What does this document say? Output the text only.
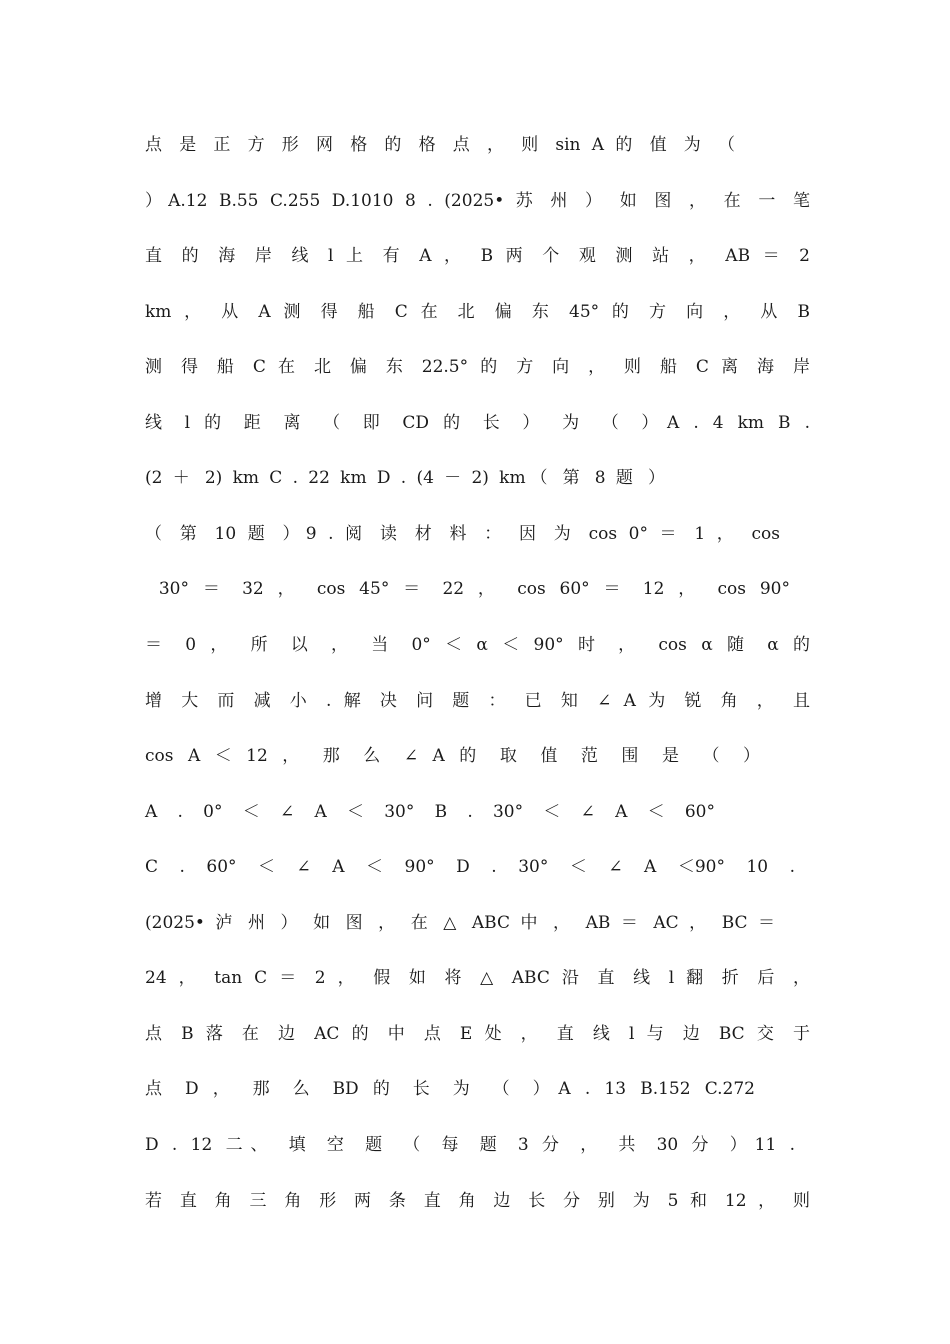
点 是 正 方 形 网 格 的 格 点 ， 则 sin A 的 值 为 （
）A.12 B.55 C.255 D.1010 8 . (2025• 苏 州 ） 如 图 ， 在 一 笔
直 的 海 岸 线 l 上 有 A ， B 两 个 观 测 站 ， AB ＝ 2
km ， 从 A 测 得 船 C 在 北 偏 东 45° 的 方 向 ， 从 B
测 得 船 C 在 北 偏 东 22.5° 的 方 向 ， 则 船 C 离 海 岸
线 l 的 距 离 （ 即 CD 的 长 ） 为 （ ）A . 4 km B .
(2 ＋ 2) km C . 22 km D . (4 － 2) km（ 第 8 题 ）
（ 第 10 题 ）9 . 阅 读 材 料 ： 因 为 cos 0° ＝ 1 ， cos
30° ＝ 32 ， cos 45° ＝ 22 ， cos 60° ＝ 12 ， cos 90°
＝ 0 ， 所 以 ， 当 0° ＜ α ＜ 90° 时 ， cos α 随 α 的
增 大 而 减 小 . 解 决 问 题 ： 已 知 ∠ A 为 锐 角 ， 且
cos A ＜ 12 ， 那 么 ∠ A 的 取 值 范 围 是 （ ）
A . 0° ＜ ∠ A ＜ 30° B . 30° ＜ ∠ A ＜ 60°
C . 60° ＜ ∠ A ＜ 90° D . 30° ＜ ∠ A ＜90° 10 .
(2025• 泸 州 ） 如 图 ， 在 △ ABC 中 ， AB ＝ AC ， BC ＝
24 ， tan C ＝ 2 ， 假 如 将 △ ABC 沿 直 线 l 翻 折 后 ，
点 B 落 在 边 AC 的 中 点 E 处 ， 直 线 l 与 边 BC 交 于
点 D ， 那 么 BD 的 长 为 （ ）A . 13 B.152 C.272
D . 12 二、 填 空 题 （ 每 题 3 分 ， 共 30 分 ）11 .
若 直 角 三 角 形 两 条 直 角 边 长 分 别 为 5 和 12 ， 则
